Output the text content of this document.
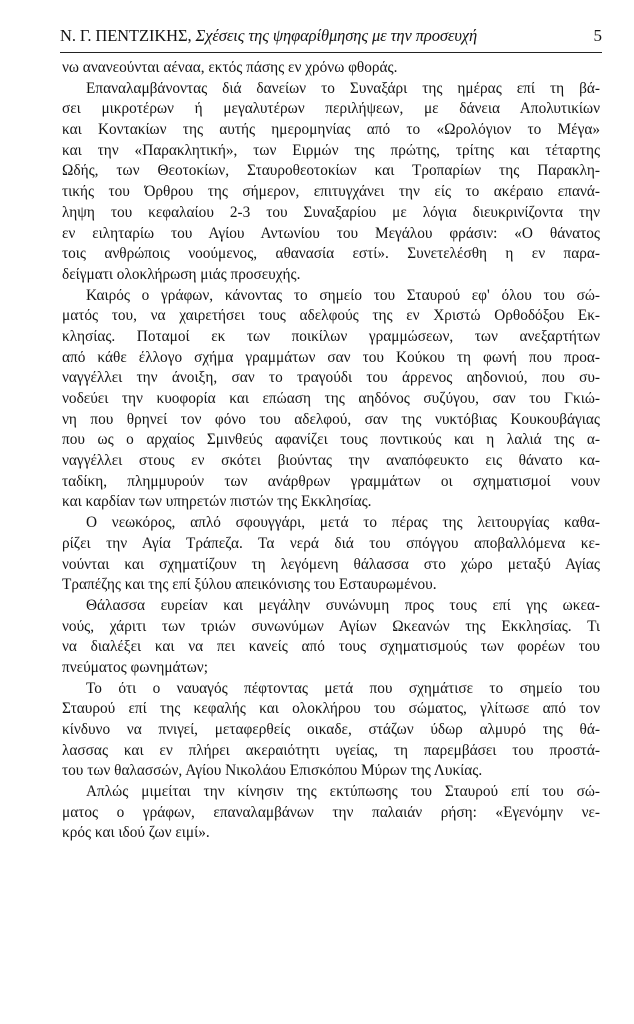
Ν. Γ. ΠΕΝΤΖΙΚΗΣ, Σχέσεις της ψηφαρίθμησης με την προσευχή	5
νω ανανεούνται αέναα, εκτός πάσης εν χρόνω φθοράς.
Επαναλαμβάνοντας διά δανείων το Συναξάρι της ημέρας επί τη βά-
σει μικροτέρων ή μεγαλυτέρων περιλήψεων, με δάνεια Απολυτικίων
και Κοντακίων της αυτής ημερομηνίας από το «Ωρολόγιον το Μέγα»
και την «Παρακλητική», των Ειρμών της πρώτης, τρίτης και τέταρτης
Ωδής, των Θεοτοκίων, Σταυροθεοτοκίων και Τροπαρίων της Παρακλη-
τικής του Όρθρου της σήμερον, επιτυγχάνει την είς το ακέραιο επανά-
ληψη του κεφαλαίου 2-3 του Συναξαρίου με λόγια διευκρινίζοντα την
εν ειληταρίω του Αγίου Αντωνίου του Μεγάλου φράσιν: «Ο θάνατος
τοις ανθρώποις νοούμενος, αθανασία εστί». Συνετελέσθη η εν παρα-
δείγματι ολοκλήρωση μιάς προσευχής.
Καιρός ο γράφων, κάνοντας το σημείο του Σταυρού εφ' όλου του σώ-
ματός του, να χαιρετήσει τους αδελφούς της εν Χριστώ Ορθοδόξου Εκ-
κλησίας. Ποταμοί εκ των ποικίλων γραμμώσεων, των ανεξαρτήτων
από κάθε έλλογο σχήμα γραμμάτων σαν του Κούκου τη φωνή που προα-
ναγγέλλει την άνοιξη, σαν το τραγούδι του άρρενος αηδονιού, που συ-
νοδεύει την κυοφορία και επώαση της αηδόνος συζύγου, σαν του Γκιώ-
νη που θρηνεί τον φόνο του αδελφού, σαν της νυκτόβιας Κουκουβάγιας
που ως ο αρχαίος Σμινθεύς αφανίζει τους ποντικούς και η λαλιά της α-
ναγγέλλει στους εν σκότει βιούντας την αναπόφευκτο εις θάνατο κα-
ταδίκη, πλημμυρούν των ανάρθρων γραμμάτων οι σχηματισμοί νουν
και καρδίαν των υπηρετών πιστών της Εκκλησίας.
Ο νεωκόρος, απλό σφουγγάρι, μετά το πέρας της λειτουργίας καθα-
ρίζει την Αγία Τράπεζα. Τα νερά διά του σπόγγου αποβαλλόμενα κε-
νούνται και σχηματίζουν τη λεγόμενη θάλασσα στο χώρο μεταξύ Αγίας
Τραπέζης και της επί ξύλου απεικόνισης του Εσταυρωμένου.
Θάλασσα ευρείαν και μεγάλην συνώνυμη προς τους επί γης ωκεα-
νούς, χάριτι των τριών συνωνύμων Αγίων Ωκεανών της Εκκλησίας. Τι
να διαλέξει και να πει κανείς από τους σχηματισμούς των φορέων του
πνεύματος φωνημάτων;
Το ότι ο ναυαγός πέφτοντας μετά που σχημάτισε το σημείο του
Σταυρού επί της κεφαλής και ολοκλήρου του σώματος, γλίτωσε από τον
κίνδυνο να πνιγεί, μεταφερθείς οικαδε, στάζων ύδωρ αλμυρό της θά-
λασσας και εν πλήρει ακεραιότητι υγείας, τη παρεμβάσει του προστά-
του των θαλασσών, Αγίου Νικολάου Επισκόπου Μύρων της Λυκίας.
Απλώς μιμείται την κίνησιν της εκτύπωσης του Σταυρού επί του σώ-
ματος ο γράφων, επαναλαμβάνων την παλαιάν ρήση: «Εγενόμην νε-
κρός και ιδού ζων ειμί».
